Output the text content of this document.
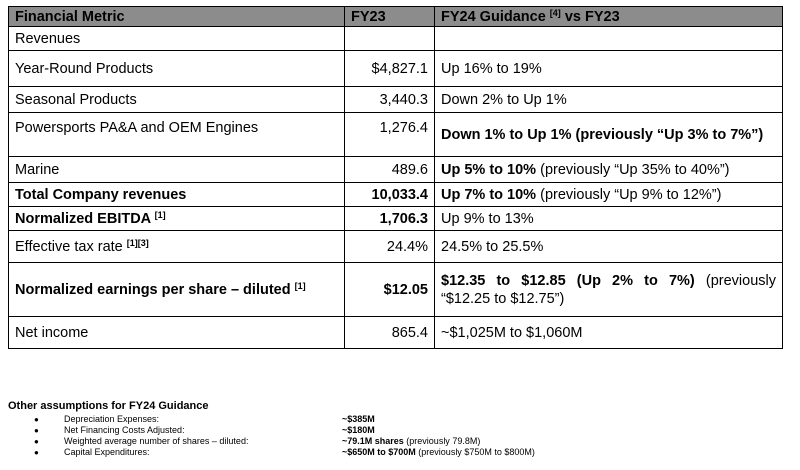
Financial Metric	FY23	FY24 Guidance [4] vs FY23
Revenues		
Year-Round Products	$4,827.1	Up 16% to 19%
Seasonal Products	3,440.3	Down 2% to Up 1%
Powersports PA&A and OEM Engines	1,276.4	Down 1% to Up 1% (previously “Up 3% to 7%”)
Marine	489.6	Up 5% to 10% (previously “Up 35% to 40%”)
Total Company revenues	10,033.4	Up 7% to 10% (previously “Up 9% to 12%”)
Normalized EBITDA [1]	1,706.3	Up 9% to 13%
Effective tax rate [1][3]	24.4%	24.5% to 25.5%
Normalized earnings per share – diluted [1]	$12.05	$12.35 to $12.85 (Up 2% to 7%) (previously “$12.25 to $12.75”)
Net income	865.4	~$1,025M to $1,060M
Other assumptions for FY24 Guidance
●	Depreciation Expenses:	~$385M
●	Net Financing Costs Adjusted:	~$180M
●	Weighted average number of shares – diluted:	~79.1M shares (previously 79.8M)
●	Capital Expenditures:	~$650M to $700M (previously $750M to $800M)
